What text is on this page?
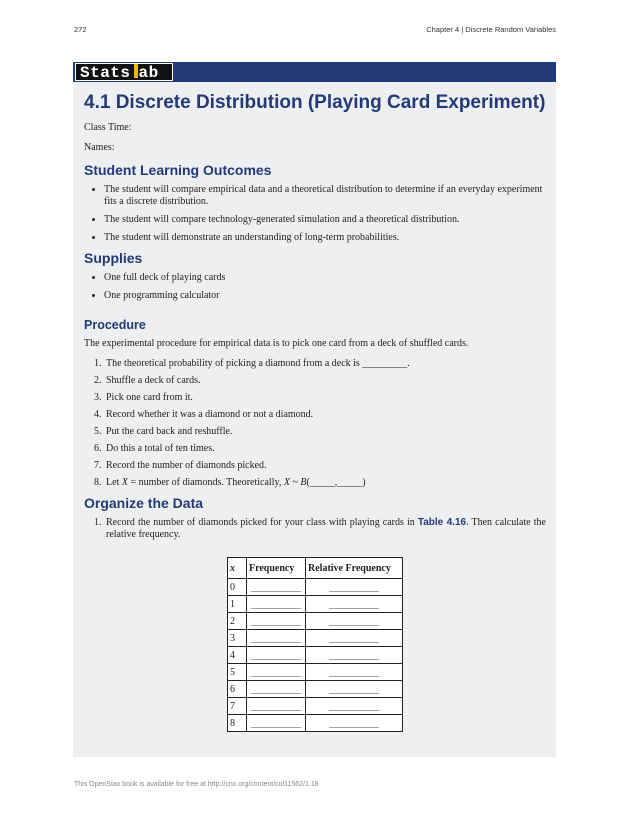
272	Chapter 4 | Discrete Random Variables
Stats ab
4.1 Discrete Distribution (Playing Card Experiment)

Class Time:

Names:

Student Learning Outcomes
• The student will compare empirical data and a theoretical distribution to determine if an everyday experiment fits a discrete distribution.
• The student will compare technology-generated simulation and a theoretical distribution.
• The student will demonstrate an understanding of long-term probabilities.
Supplies
• One full deck of playing cards
• One programming calculator
Procedure

The experimental procedure for empirical data is to pick one card from a deck of shuffled cards.

1. The theoretical probability of picking a diamond from a deck is _________.
2. Shuffle a deck of cards.
3. Pick one card from it.
4. Record whether it was a diamond or not a diamond.
5. Put the card back and reshuffle.
6. Do this a total of ten times.
7. Record the number of diamonds picked.
8. Let X = number of diamonds. Theoretically, X ~ B(_____,_____)
Organize the Data
1. Record the number of diamonds picked for your class with playing cards in Table 4.16. Then calculate the relative frequency.
x	Frequency	Relative Frequency
0	__________	__________
1	__________	__________
2	__________	__________
3	__________	__________
4	__________	__________
5	__________	__________
6	__________	__________
7	__________	__________
8	__________	__________
This OpenStax book is available for free at http://cnx.org/content/col11562/1.18
